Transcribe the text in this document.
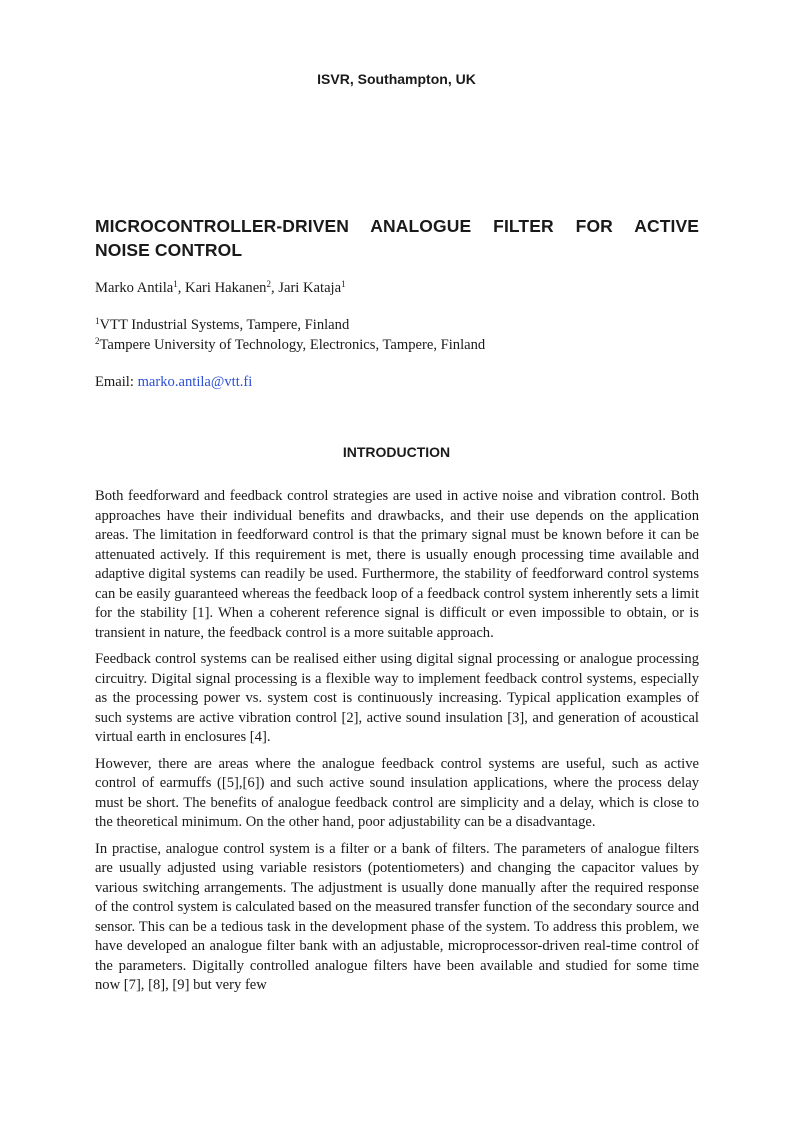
ISVR, Southampton, UK
MICROCONTROLLER-DRIVEN ANALOGUE FILTER FOR ACTIVE
NOISE CONTROL
Marko Antila$^1$, Kari Hakanen$^2$, Jari Kataja$^1$
$^1$VTT Industrial Systems, Tampere, Finland
$^2$Tampere University of Technology, Electronics, Tampere, Finland
Email: marko.antila@vtt.fi
INTRODUCTION

Both feedforward and feedback control strategies are used in active noise and vibration control. Both approaches have their individual benefits and drawbacks, and their use depends on the application areas. The limitation in feedforward control is that the primary signal must be known before it can be attenuated actively. If this requirement is met, there is usually enough processing time available and adaptive digital systems can readily be used. Furthermore, the stability of feedforward control systems can be easily guaranteed whereas the feedback loop of a feedback control system inherently sets a limit for the stability [1]. When a coherent reference signal is difficult or even impossible to obtain, or is transient in nature, the feedback control is a more suitable approach.

Feedback control systems can be realised either using digital signal processing or analogue processing circuitry. Digital signal processing is a flexible way to implement feedback control systems, especially as the processing power vs. system cost is continuously increasing. Typical application examples of such systems are active vibration control [2], active sound insulation [3], and generation of acoustical virtual earth in enclosures [4].

However, there are areas where the analogue feedback control systems are useful, such as active control of earmuffs ([5],[6]) and such active sound insulation applications, where the process delay must be short. The benefits of analogue feedback control are simplicity and a delay, which is close to the theoretical minimum. On the other hand, poor adjustability can be a disadvantage.

In practise, analogue control system is a filter or a bank of filters. The parameters of analogue filters are usually adjusted using variable resistors (potentiometers) and changing the capacitor values by various switching arrangements. The adjustment is usually done manually after the required response of the control system is calculated based on the measured transfer function of the secondary source and sensor. This can be a tedious task in the development phase of the system. To address this problem, we have developed an analogue filter bank with an adjustable, microprocessor-driven real-time control of the parameters. Digitally controlled analogue filters have been available and studied for some time now [7], [8], [9] but very few
